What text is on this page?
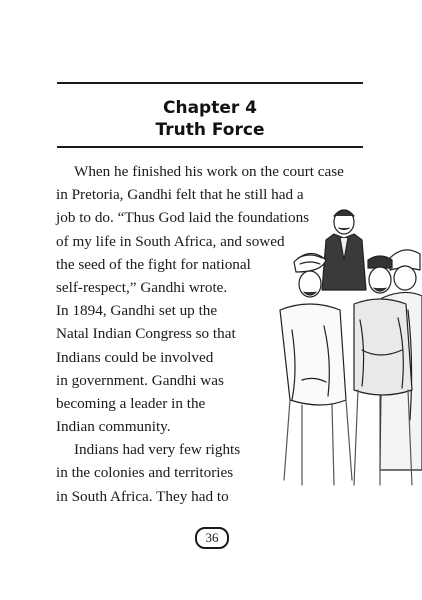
Chapter 4
Truth Force
When he finished his work on the court case
in Pretoria, Gandhi felt that he still had a
job to do. “Thus God laid the foundations
of my life in South Africa, and sowed
the seed of the fight for national
self-respect,” Gandhi wrote.
In 1894, Gandhi set up the
Natal Indian Congress so that
Indians could be involved
in government. Gandhi was
becoming a leader in the
Indian community.
Indians had very few rights
in the colonies and territories
in South Africa. They had to
36
